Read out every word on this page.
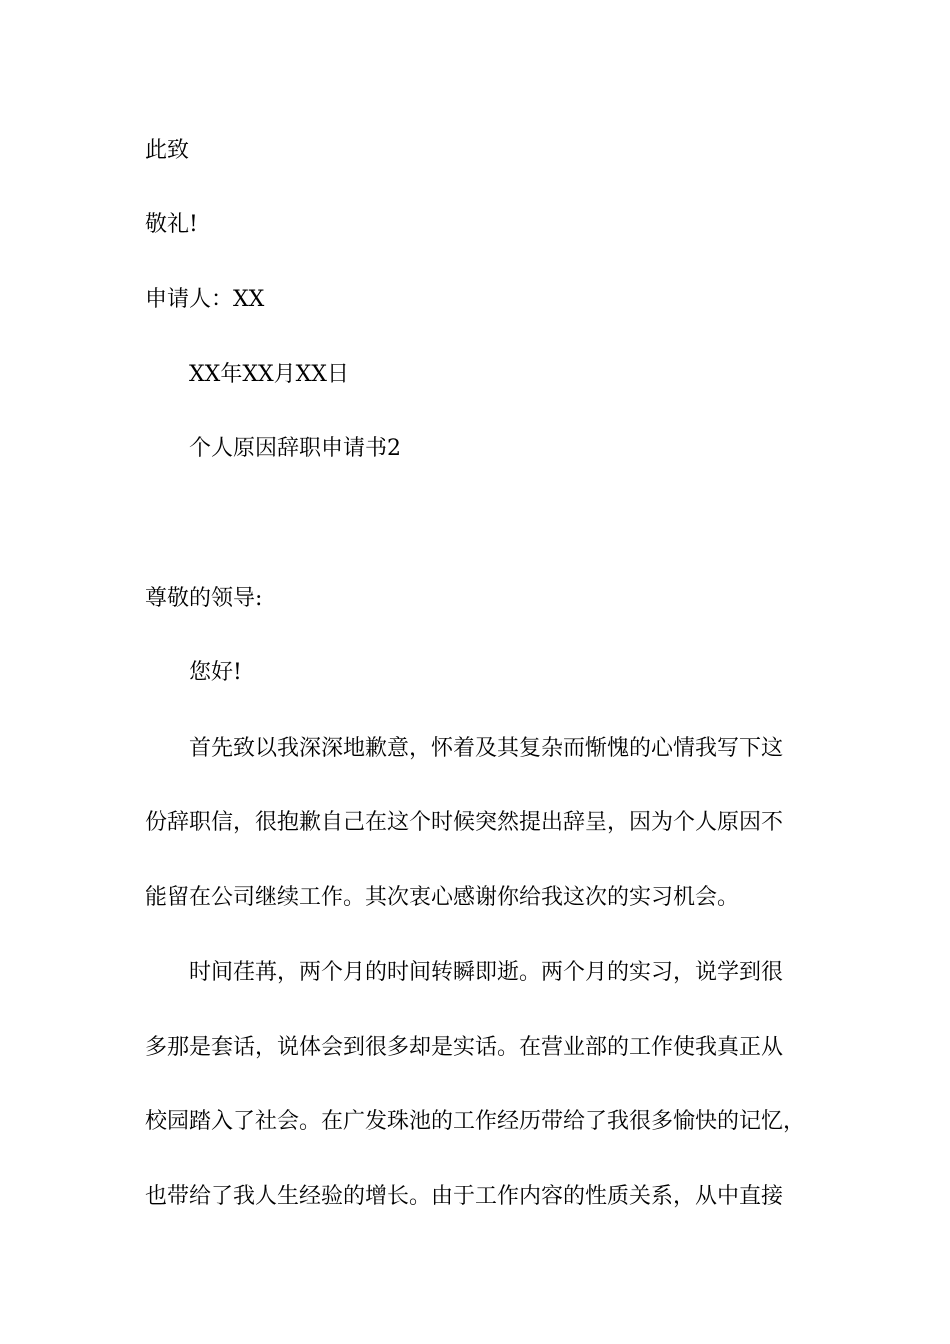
此致

敬礼!

申请人：XX

XX年XX月XX日

个人原因辞职申请书2

尊敬的领导:

您好!

首先致以我深深地歉意，怀着及其复杂而惭愧的心情我写下这

份辞职信，很抱歉自己在这个时候突然提出辞呈，因为个人原因不

能留在公司继续工作。其次衷心感谢你给我这次的实习机会。

时间荏苒，两个月的时间转瞬即逝。两个月的实习，说学到很

多那是套话，说体会到很多却是实话。在营业部的工作使我真正从

校园踏入了社会。在广发珠池的工作经历带给了我很多愉快的记忆，

也带给了我人生经验的增长。由于工作内容的性质关系，从中直接
